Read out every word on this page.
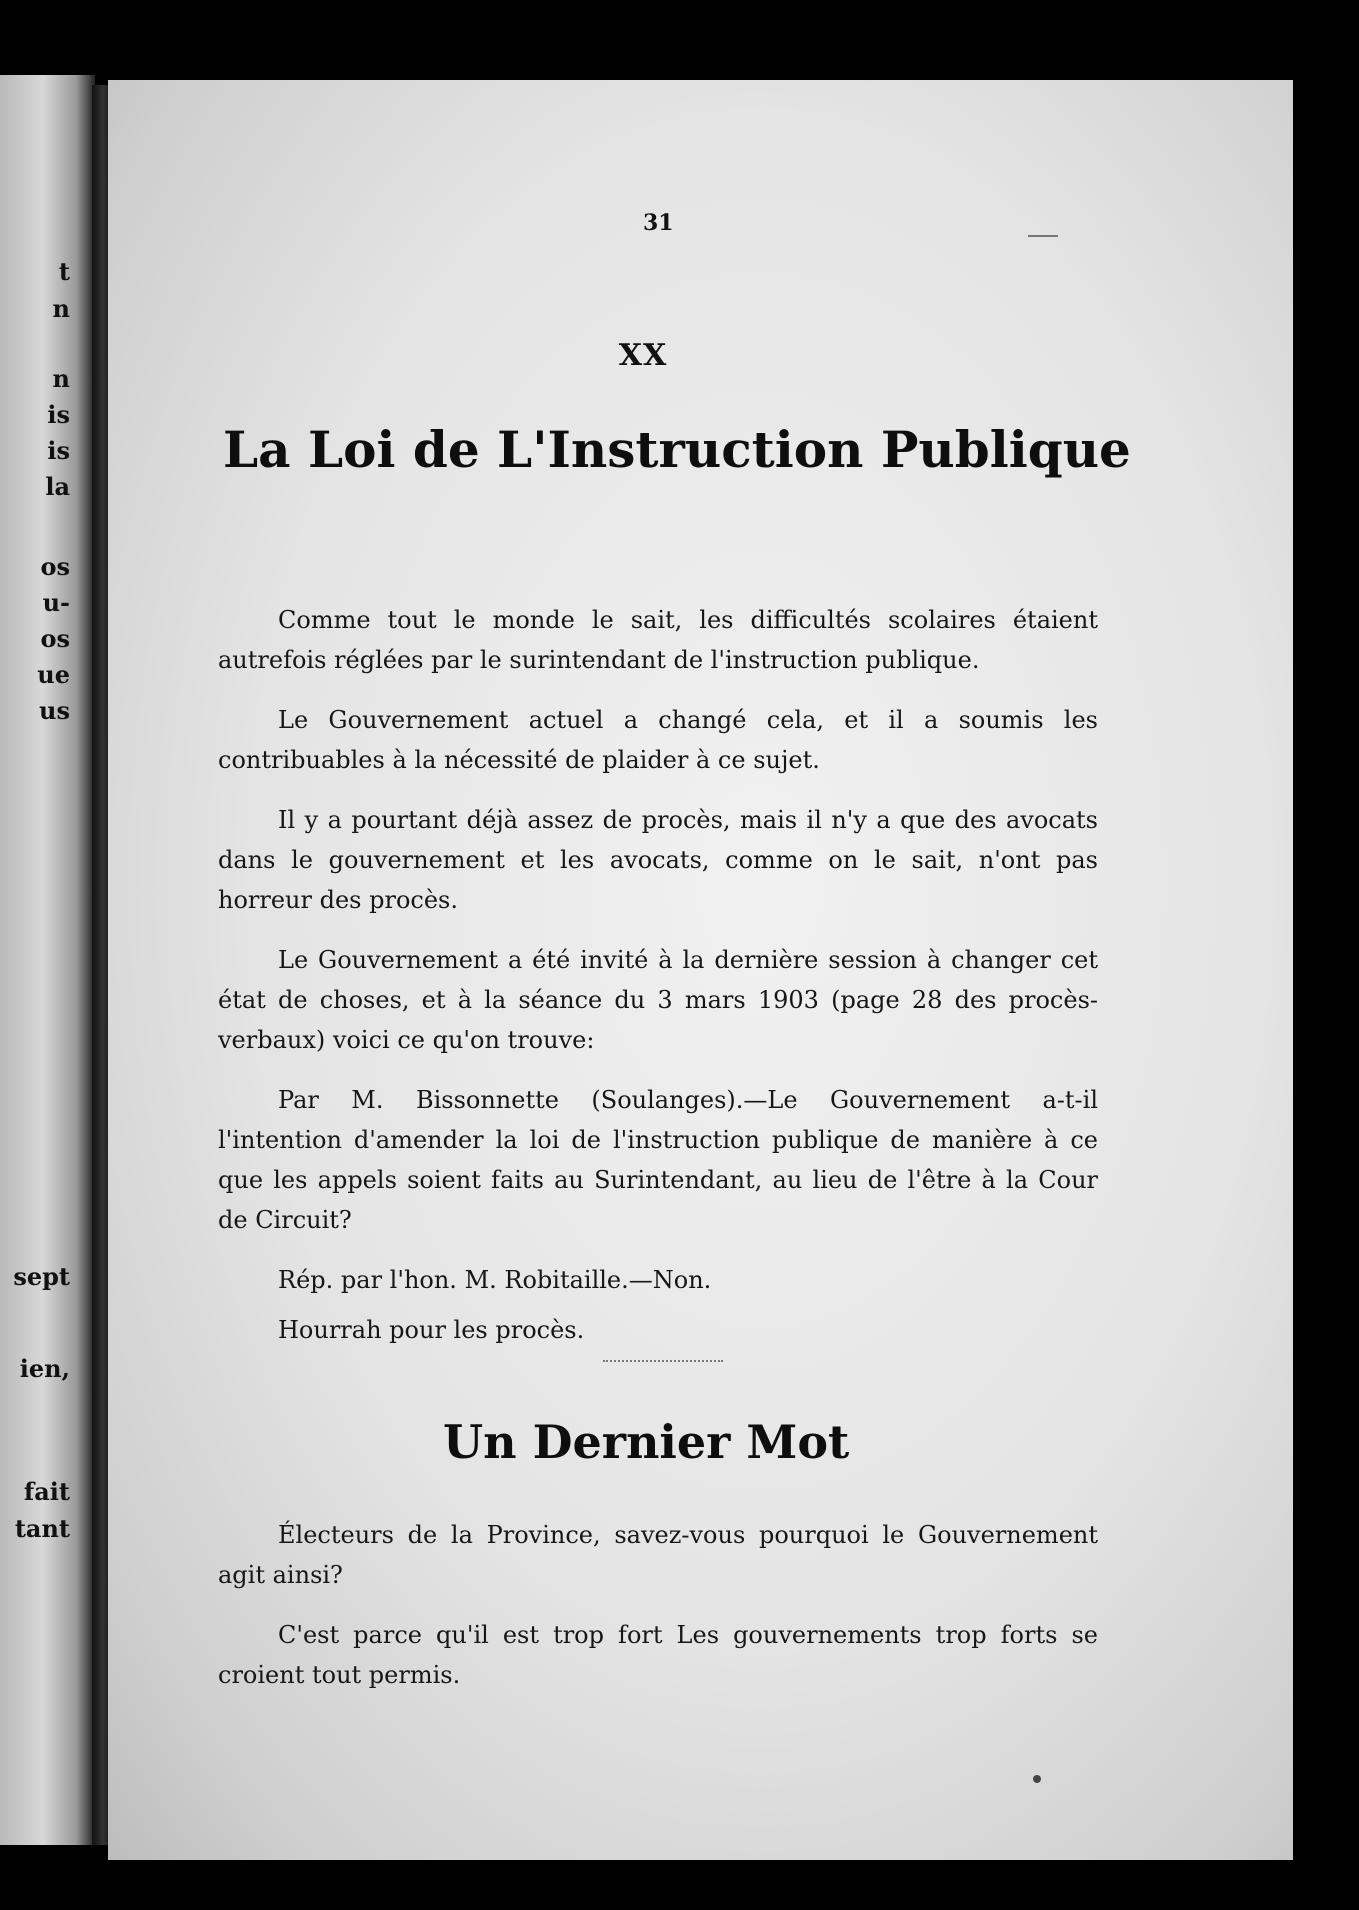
t
n
n
is
is
la
os
u-
os
ue
us
sept
ien,
fait
tant
31
XX
La Loi de L'Instruction Publique

Comme tout le monde le sait, les difficultés scolaires étaient autrefois réglées par le surintendant de l'instruction publique.

Le Gouvernement actuel a changé cela, et il a soumis les contribuables à la nécessité de plaider à ce sujet.

Il y a pourtant déjà assez de procès, mais il n'y a que des avocats dans le gouvernement et les avocats, comme on le sait, n'ont pas horreur des procès.

Le Gouvernement a été invité à la dernière session à changer cet état de choses, et à la séance du 3 mars 1903 (page 28 des procès-verbaux) voici ce qu'on trouve:

Par M. Bissonnette (Soulanges).—Le Gouvernement a-t-il l'intention d'amender la loi de l'instruction publique de manière à ce que les appels soient faits au Surintendant, au lieu de l'être à la Cour de Circuit?

Rép. par l'hon. M. Robitaille.—Non.

Hourrah pour les procès.

Un Dernier Mot

Électeurs de la Province, savez-vous pourquoi le Gouvernement agit ainsi?

C'est parce qu'il est trop fort Les gouvernements trop forts se croient tout permis.
